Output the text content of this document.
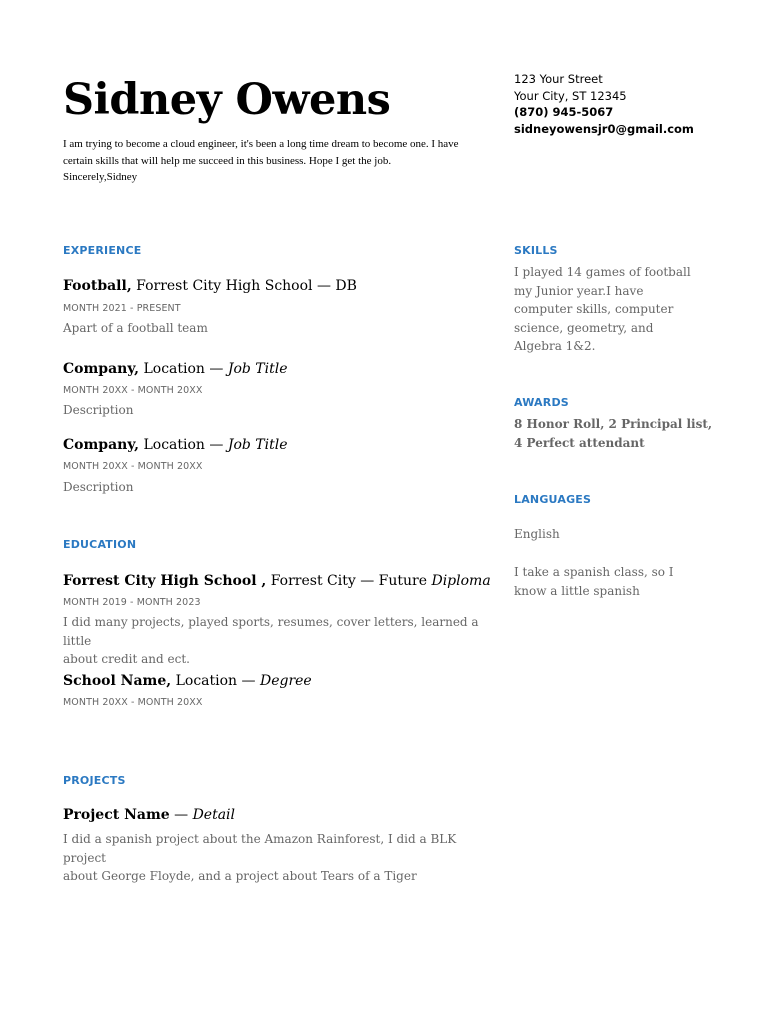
Sidney Owens
I am trying to become a cloud engineer, it's been a long time dream to become one. I have
certain skills that will help me succeed in this business. Hope I get the job.
Sincerely,Sidney
123 Your Street
Your City, ST 12345
(870) 945-5067
sidneyowensjr0@gmail.com
EXPERIENCE
Football, Forrest City High School — DB
MONTH 2021 - PRESENT
Apart of a football team
Company, Location — Job Title
MONTH 20XX - MONTH 20XX
Description
Company, Location — Job Title
MONTH 20XX - MONTH 20XX
Description
EDUCATION
Forrest City High School , Forrest City — Future Diploma
MONTH 2019 - MONTH 2023
I did many projects, played sports, resumes, cover letters, learned a little
about credit and ect.
School Name, Location — Degree
MONTH 20XX - MONTH 20XX
PROJECTS
Project Name — Detail
I did a spanish project about the Amazon Rainforest, I did a BLK project
about George Floyde, and a project about Tears of a Tiger
SKILLS
I played 14 games of football
my Junior year.I have
computer skills, computer
science, geometry, and
Algebra 1&2.
AWARDS
8 Honor Roll, 2 Principal list,
4 Perfect attendant
LANGUAGES
English
I take a spanish class, so I
know a little spanish
